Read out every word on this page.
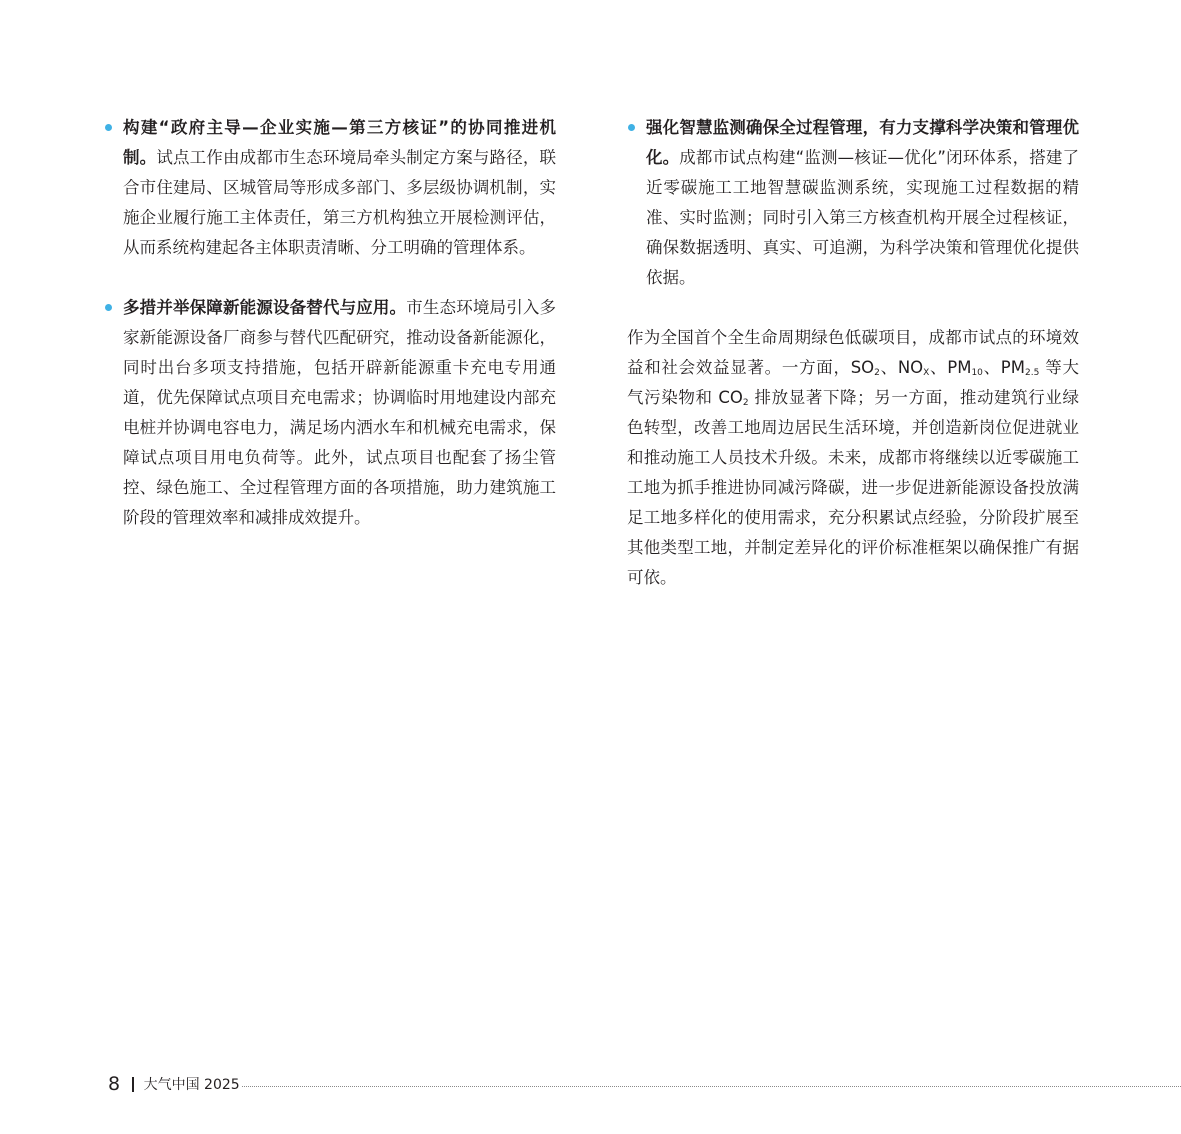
构建“政府主导—企业实施—第三方核证”的协同推进机制。试点工作由成都市生态环境局牵头制定方案与路径，联合市住建局、区城管局等形成多部门、多层级协调机制，实施企业履行施工主体责任，第三方机构独立开展检测评估，从而系统构建起各主体职责清晰、分工明确的管理体系。
多措并举保障新能源设备替代与应用。市生态环境局引入多家新能源设备厂商参与替代匹配研究，推动设备新能源化，同时出台多项支持措施，包括开辟新能源重卡充电专用通道，优先保障试点项目充电需求；协调临时用地建设内部充电桩并协调电容电力，满足场内洒水车和机械充电需求，保障试点项目用电负荷等。此外，试点项目也配套了扬尘管控、绿色施工、全过程管理方面的各项措施，助力建筑施工阶段的管理效率和减排成效提升。
强化智慧监测确保全过程管理，有力支撑科学决策和管理优化。成都市试点构建“监测—核证—优化”闭环体系，搭建了近零碳施工工地智慧碳监测系统，实现施工过程数据的精准、实时监测；同时引入第三方核查机构开展全过程核证，确保数据透明、真实、可追溯，为科学决策和管理优化提供依据。

作为全国首个全生命周期绿色低碳项目，成都市试点的环境效益和社会效益显著。一方面，$SO_2$、$NO_X$、$PM_{10}$、$PM_{2.5}$ 等大气污染物和 $CO_2$ 排放显著下降；另一方面，推动建筑行业绿色转型，改善工地周边居民生活环境，并创造新岗位促进就业和推动施工人员技术升级。未来，成都市将继续以近零碳施工工地为抓手推进协同减污降碳，进一步促进新能源设备投放满足工地多样化的使用需求，充分积累试点经验，分阶段扩展至其他类型工地，并制定差异化的评价标准框架以确保推广有据可依。

8 大气中国 2025
